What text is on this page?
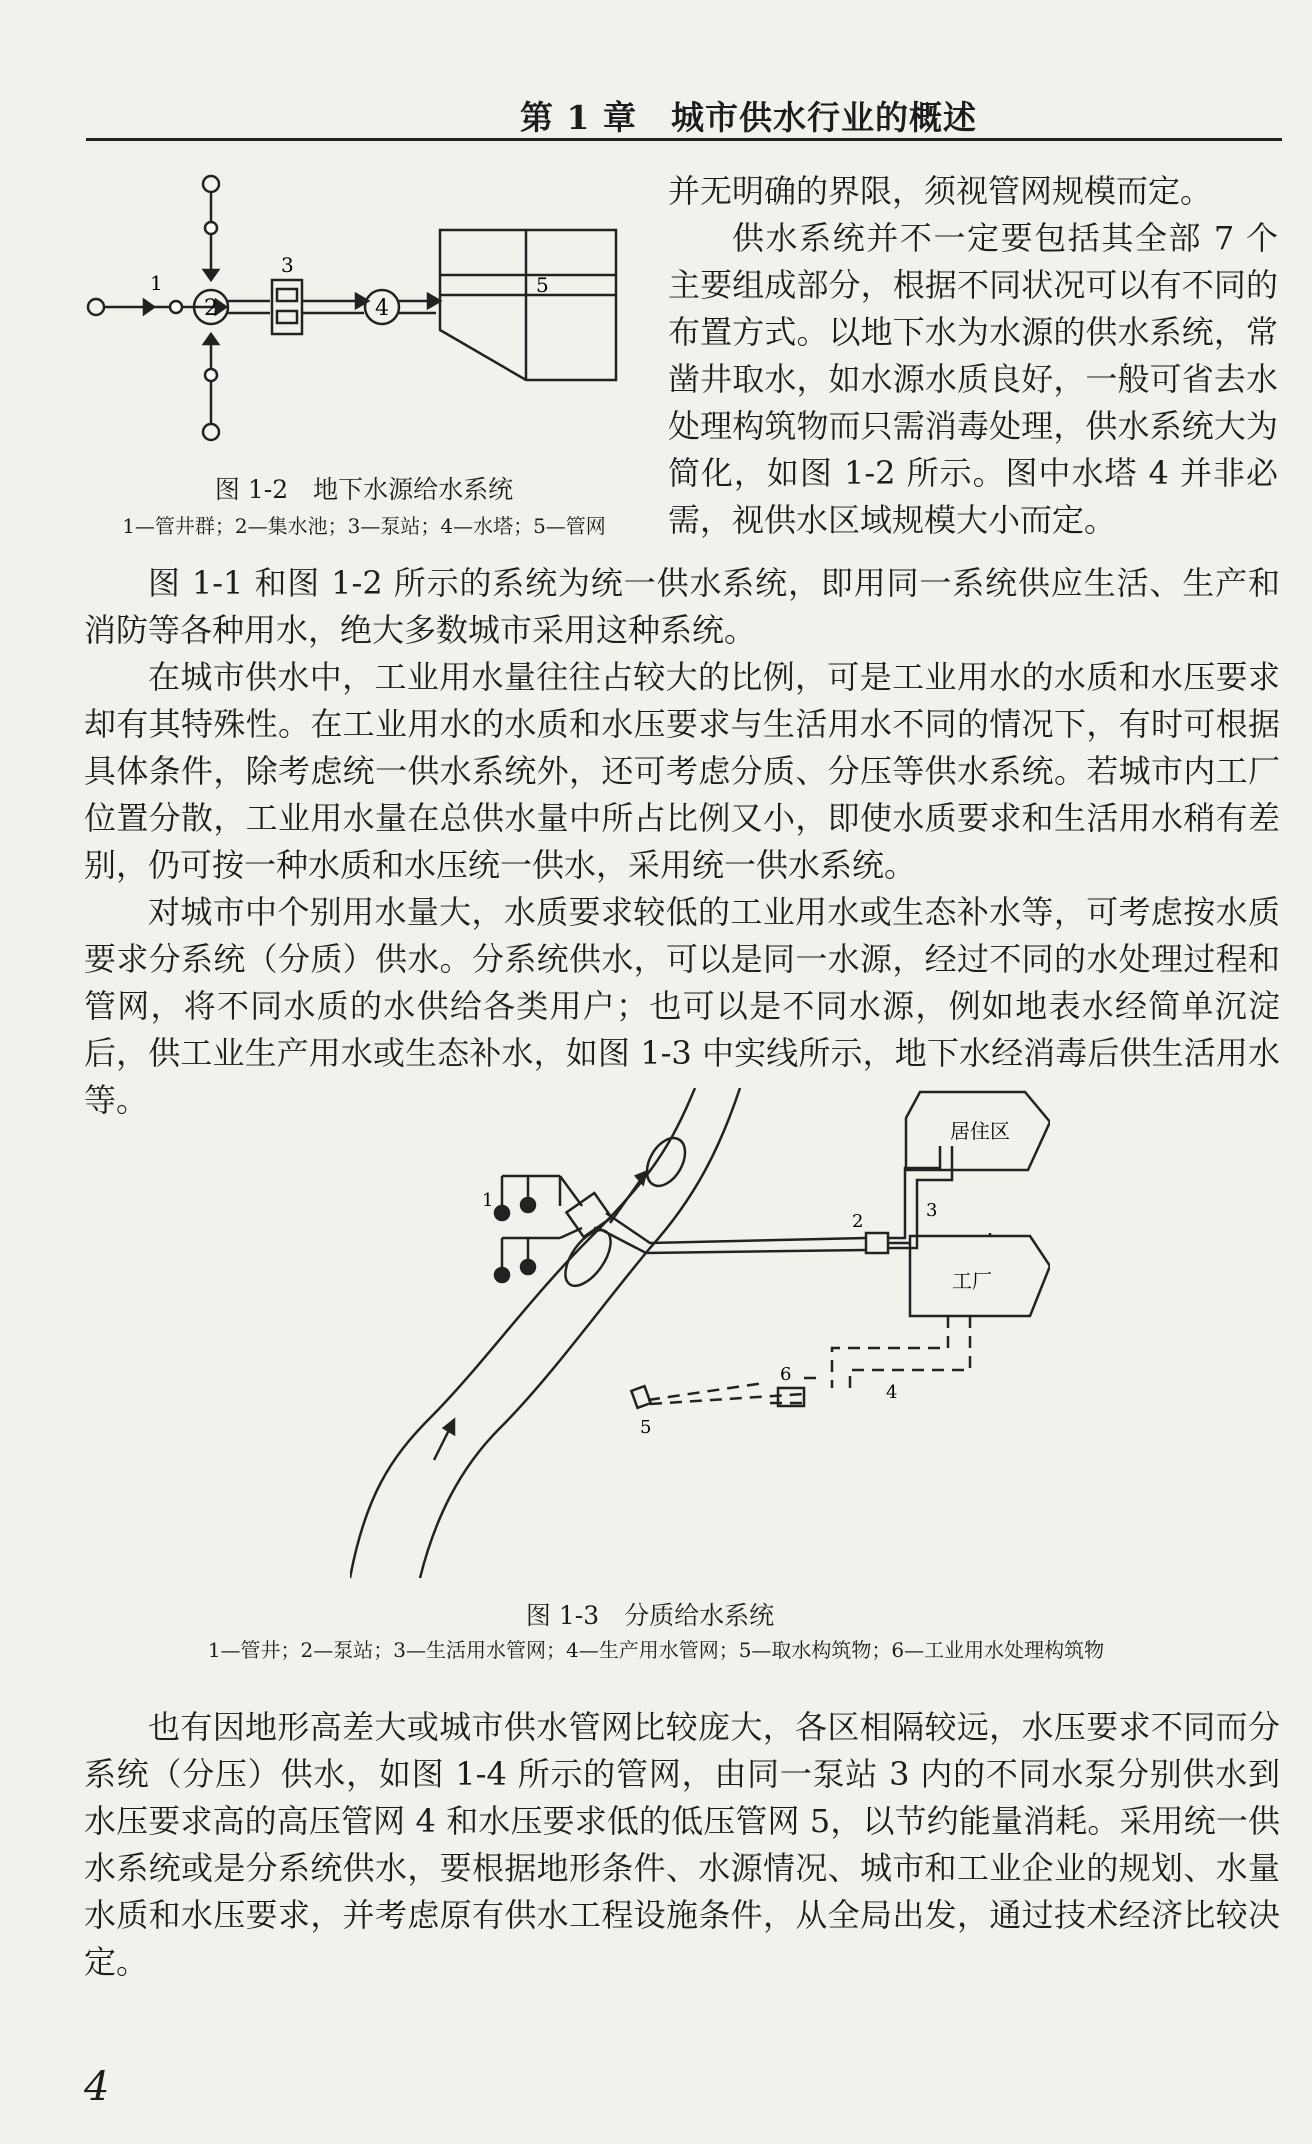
第 1 章　城市供水行业的概述
1
2
3
4
5
图 1-2　地下水源给水系统
1—管井群；2—集水池；3—泵站；4—水塔；5—管网

并无明确的界限，须视管网规模而定。

供水系统并不一定要包括其全部 7 个主要组成部分，根据不同状况可以有不同的布置方式。以地下水为水源的供水系统，常凿井取水，如水源水质良好，一般可省去水处理构筑物而只需消毒处理，供水系统大为简化，如图 1-2 所示。图中水塔 4 并非必需，视供水区域规模大小而定。

图 1-1 和图 1-2 所示的系统为统一供水系统，即用同一系统供应生活、生产和消防等各种用水，绝大多数城市采用这种系统。

在城市供水中，工业用水量往往占较大的比例，可是工业用水的水质和水压要求却有其特殊性。在工业用水的水质和水压要求与生活用水不同的情况下，有时可根据具体条件，除考虑统一供水系统外，还可考虑分质、分压等供水系统。若城市内工厂位置分散，工业用水量在总供水量中所占比例又小，即使水质要求和生活用水稍有差别，仍可按一种水质和水压统一供水，采用统一供水系统。

对城市中个别用水量大，水质要求较低的工业用水或生态补水等，可考虑按水质要求分系统（分质）供水。分系统供水，可以是同一水源，经过不同的水处理过程和管网，将不同水质的水供给各类用户；也可以是不同水源，例如地表水经简单沉淀后，供工业生产用水或生态补水，如图 1-3 中实线所示，地下水经消毒后供生活用水等。

居住区
工厂
1
2
3
4
5
6
图 1-3　分质给水系统
1—管井；2—泵站；3—生活用水管网；4—生产用水管网；5—取水构筑物；6—工业用水处理构筑物

也有因地形高差大或城市供水管网比较庞大，各区相隔较远，水压要求不同而分系统（分压）供水，如图 1-4 所示的管网，由同一泵站 3 内的不同水泵分别供水到水压要求高的高压管网 4 和水压要求低的低压管网 5，以节约能量消耗。采用统一供水系统或是分系统供水，要根据地形条件、水源情况、城市和工业企业的规划、水量水质和水压要求，并考虑原有供水工程设施条件，从全局出发，通过技术经济比较决定。

4
